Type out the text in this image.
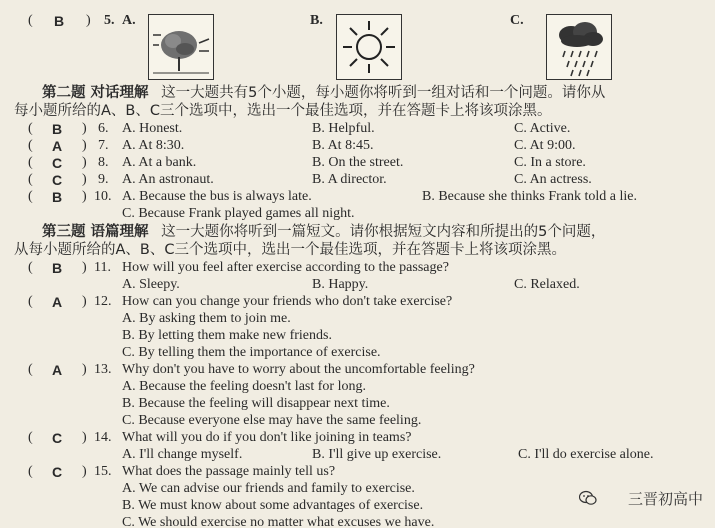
( B ) 5. A.	B.	C.
第二题 对话理解 这一大题共有5个小题，每小题你将听到一组对话和一个问题。请你从
每小题所给的A、B、C三个选项中，选出一个最佳选项，并在答题卡上将该项涂黑。
( B ) 6. A. Honest.	B. Helpful.	C. Active.
( A ) 7. A. At 8:30.	B. At 8:45.	C. At 9:00.
( C ) 8. A. At a bank.	B. On the street.	C. In a store.
( C ) 9. A. An astronaut.	B. A director.	C. An actress.
( B ) 10. A. Because the bus is always late.	B. Because she thinks Frank told a lie.
C. Because Frank played games all night.
第三题 语篇理解 这一大题你将听到一篇短文。请你根据短文内容和所提出的5个问题，
从每小题所给的A、B、C三个选项中，选出一个最佳选项，并在答题卡上将该项涂黑。
( B ) 11. How will you feel after exercise according to the passage?
A. Sleepy.	B. Happy.	C. Relaxed.
( A ) 12. How can you change your friends who don't take exercise?
A. By asking them to join me.
B. By letting them make new friends.
C. By telling them the importance of exercise.
( A ) 13. Why don't you have to worry about the uncomfortable feeling?
A. Because the feeling doesn't last for long.
B. Because the feeling will disappear next time.
C. Because everyone else may have the same feeling.
( C ) 14. What will you do if you don't like joining in teams?
A. I'll change myself.	B. I'll give up exercise.	C. I'll do exercise alone.
( C ) 15. What does the passage mainly tell us?
A. We can advise our friends and family to exercise.
B. We must know about some advantages of exercise.
C. We should exercise no matter what excuses we have.
三晋初高中
